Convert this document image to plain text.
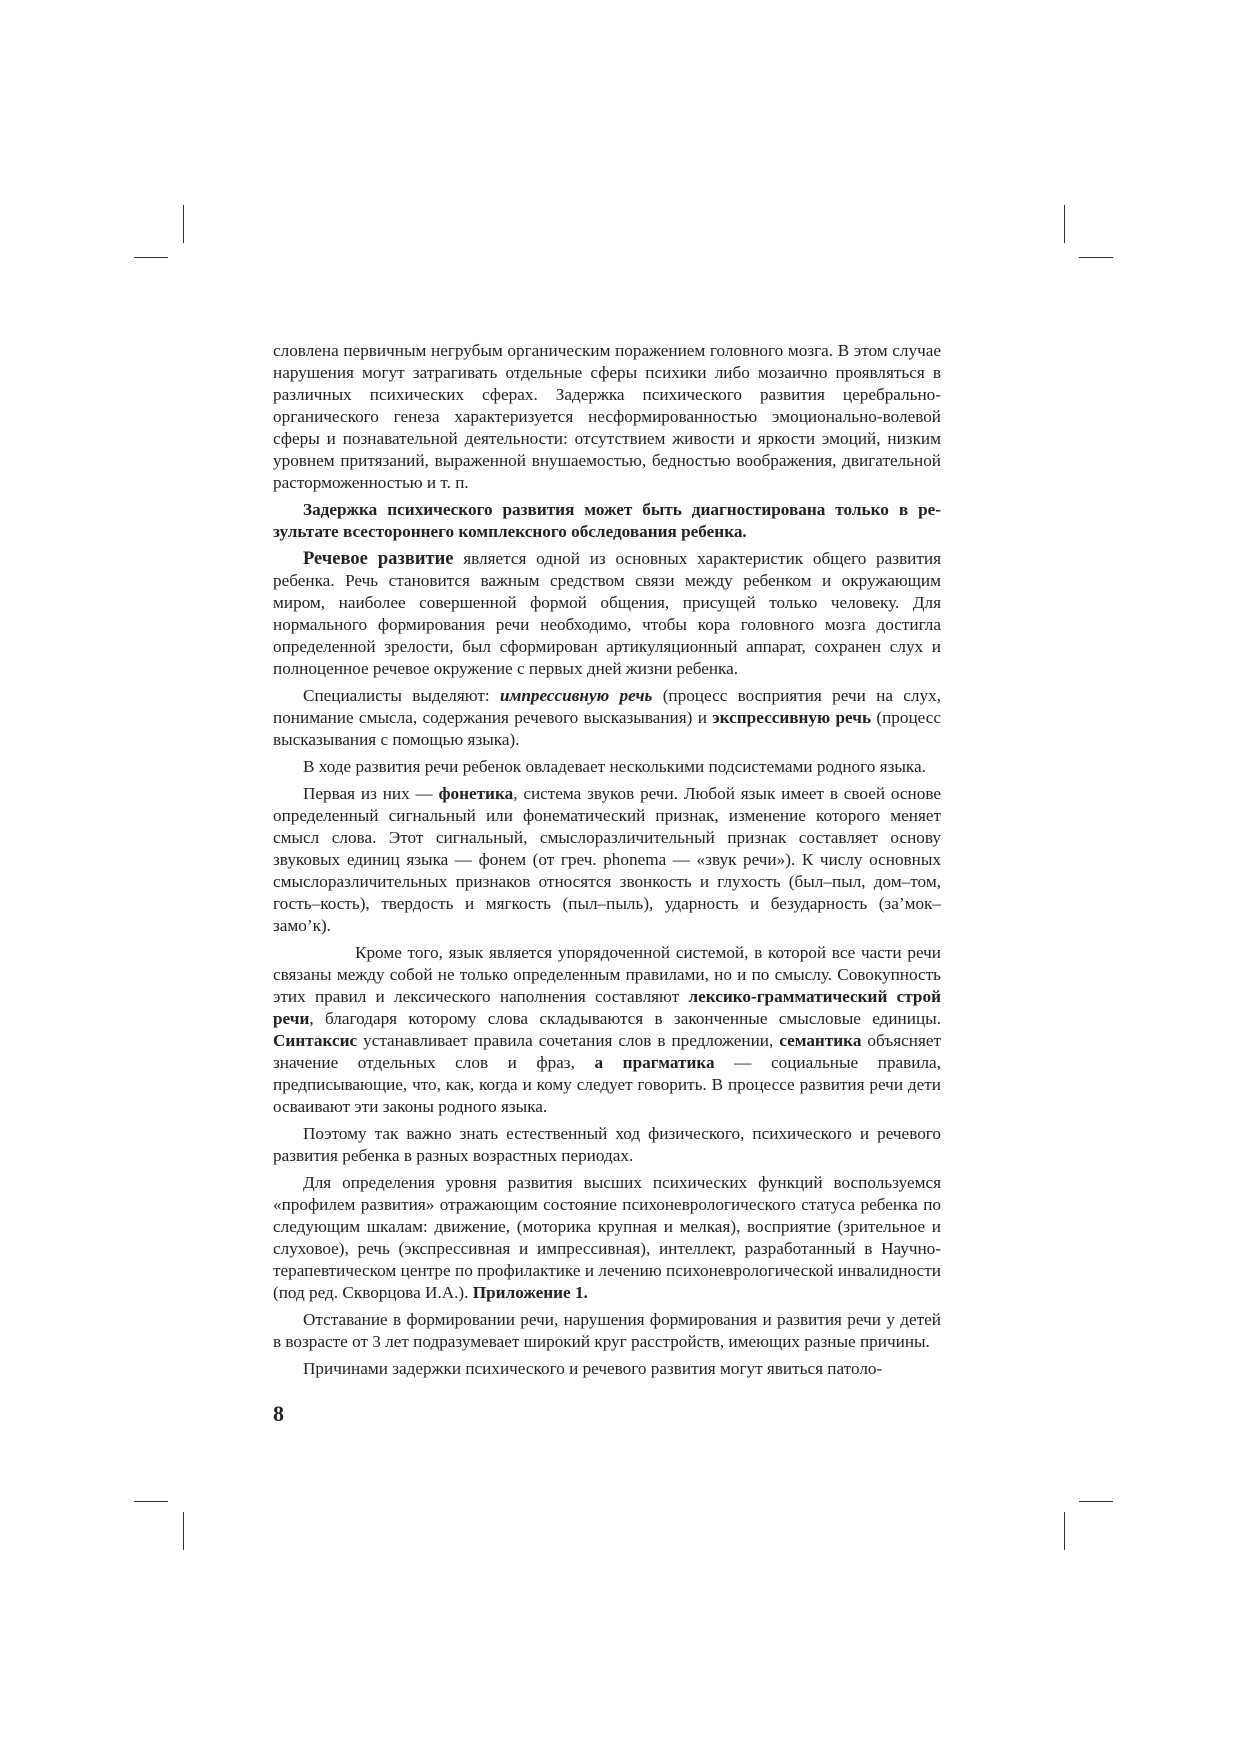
словлена первичным негрубым органическим поражением головного мозга. В этом случае нарушения могут затрагивать отдельные сферы психики либо мозаично проявляться в различных психических сферах. Задержка психического развития церебрально-органического генеза характеризуется несформированностью эмоционально-волевой сферы и познавательной деятельности: отсутствием живости и яркости эмоций, низким уровнем притязаний, выраженной внушаемостью, бедностью воображения, двигательной расторможенностью и т. п.

Задержка психического развития может быть диагностирована только в результате всестороннего комплексного обследования ребенка.

Речевое развитие является одной из основных характеристик общего развития ребенка. Речь становится важным средством связи между ребенком и окружающим миром, наиболее совершенной формой общения, присущей только человеку. Для нормального формирования речи необходимо, чтобы кора головного мозга достигла определенной зрелости, был сформирован артикуляционный аппарат, сохранен слух и полноценное речевое окружение с первых дней жизни ребенка.

Специалисты выделяют: импрессивную речь (процесс восприятия речи на слух, понимание смысла, содержания речевого высказывания) и экспрессивную речь (процесс высказывания с помощью языка).

В ходе развития речи ребенок овладевает несколькими подсистемами родного языка.

Первая из них — фонетика, система звуков речи. Любой язык имеет в своей основе определенный сигнальный или фонематический признак, изменение которого меняет смысл слова. Этот сигнальный, смыслоразличительный признак составляет основу звуковых единиц языка — фонем (от греч. phonema — «звук речи»). К числу основных смыслоразличительных признаков относятся звонкость и глухость (был–пыл, дом–том, гость–кость), твердость и мягкость (пыл–пыль), ударность и безударность (за’мок–замо’к).

Кроме того, язык является упорядоченной системой, в которой все части речи связаны между собой не только определенным правилами, но и по смыслу. Совокупность этих правил и лексического наполнения составляют лексико-грамматический строй речи, благодаря которому слова складываются в законченные смысловые единицы. Синтаксис устанавливает правила сочетания слов в предложении, семантика объясняет значение отдельных слов и фраз, а прагматика — социальные правила, предписывающие, что, как, когда и кому следует говорить. В процессе развития речи дети осваивают эти законы родного языка.

Поэтому так важно знать естественный ход физического, психического и речевого развития ребенка в разных возрастных периодах.

Для определения уровня развития высших психических функций воспользуемся «профилем развития» отражающим состояние психоневрологического статуса ребенка по следующим шкалам: движение, (моторика крупная и мелкая), восприятие (зрительное и слуховое), речь (экспрессивная и импрессивная), интеллект, разработанный в Научно-терапевтическом центре по профилактике и лечению психоневрологической инвалидности (под ред. Скворцова И.А.). Приложение 1.

Отставание в формировании речи, нарушения формирования и развития речи у детей в возрасте от 3 лет подразумевает широкий круг расстройств, имеющих разные причины.

Причинами задержки психического и речевого развития могут явиться патоло-

8
